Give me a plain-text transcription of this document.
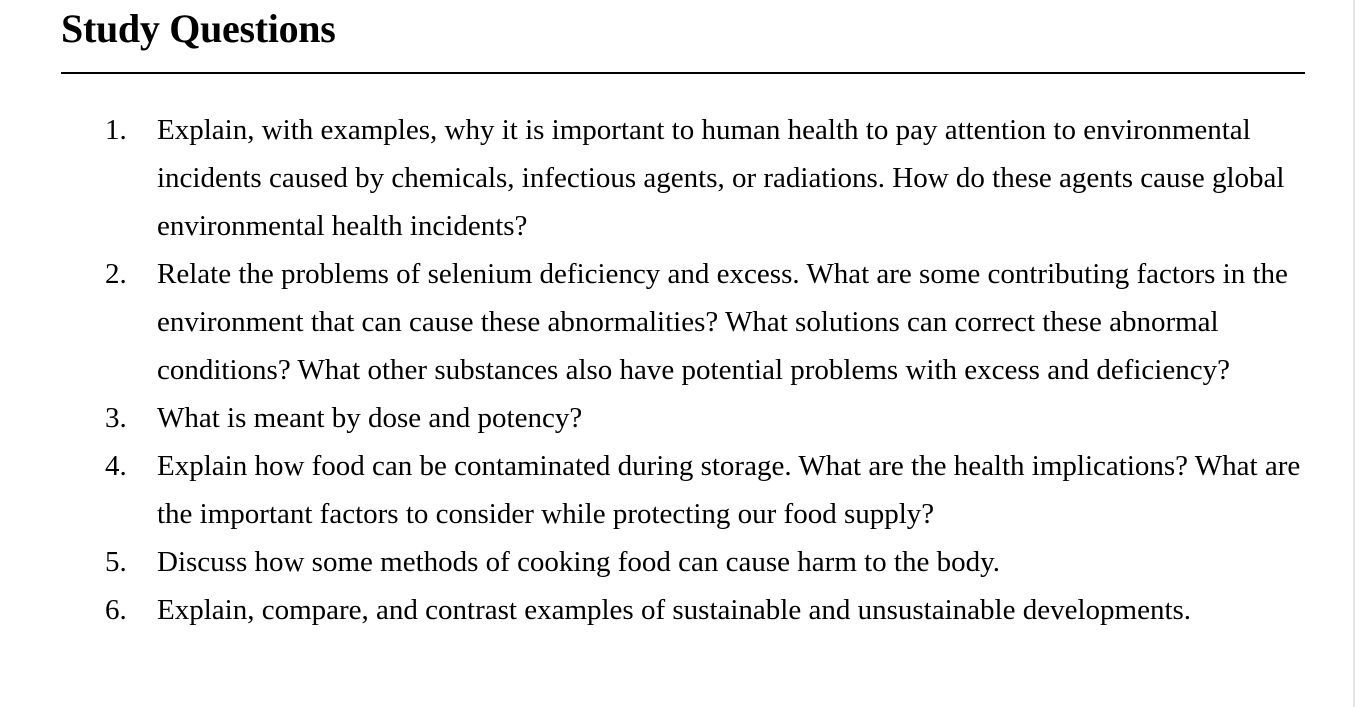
Study Questions
1.	Explain, with examples, why it is important to human health to pay attention to environmental incidents caused by chemicals, infectious agents, or radiations. How do these agents cause global environmental health incidents?
2.	Relate the problems of selenium deficiency and excess. What are some contributing factors in the environment that can cause these abnormalities? What solutions can correct these abnormal conditions? What other substances also have potential problems with excess and deficiency?
3.	What is meant by dose and potency?
4.	Explain how food can be contaminated during storage. What are the health implications? What are the important factors to consider while protecting our food supply?
5.	Discuss how some methods of cooking food can cause harm to the body.
6.	Explain, compare, and contrast examples of sustainable and unsustainable developments.
